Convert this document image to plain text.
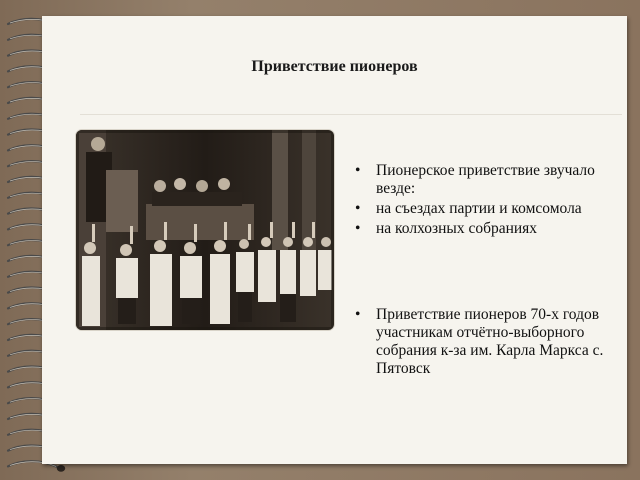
Приветствие пионеров
• Пионерское приветствие звучало везде:
• на съездах партии и комсомола
• на колхозных собраниях
• Приветствие пионеров 70-х годов участникам отчётно-выборного собрания к-за им. Карла Маркса с. Пятовск
